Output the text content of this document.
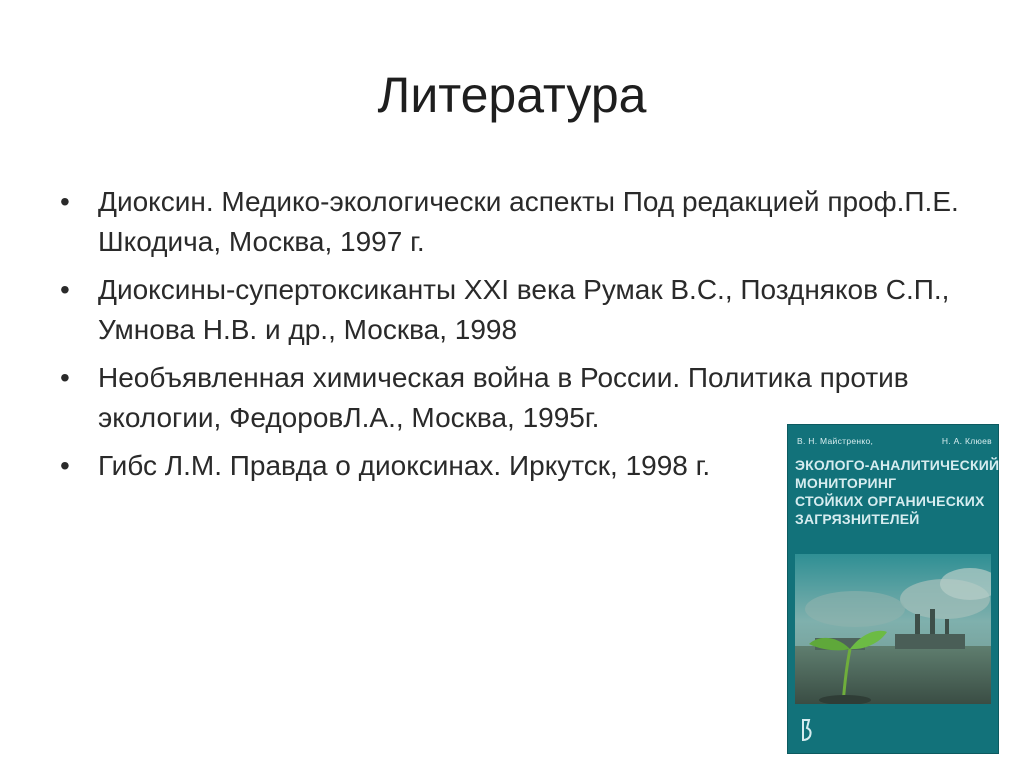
Литература
•	Диоксин. Медико-экологически аспекты Под редакцией проф.П.Е. Шкодича, Москва, 1997 г.
•	Диоксины-супертоксиканты XXI века Румак В.С., Поздняков С.П., Умнова Н.В. и др., Москва, 1998
•	Необъявленная химическая война в России. Политика против экологии, ФедоровЛ.А., Москва, 1995г.
•	Гибс Л.М. Правда о диоксинах. Иркутск, 1998 г.
В. Н. Майстренко,	Н. А. Клюев
ЭКОЛОГО-АНАЛИТИЧЕСКИЙ
МОНИТОРИНГ
СТОЙКИХ ОРГАНИЧЕСКИХ
ЗАГРЯЗНИТЕЛЕЙ
